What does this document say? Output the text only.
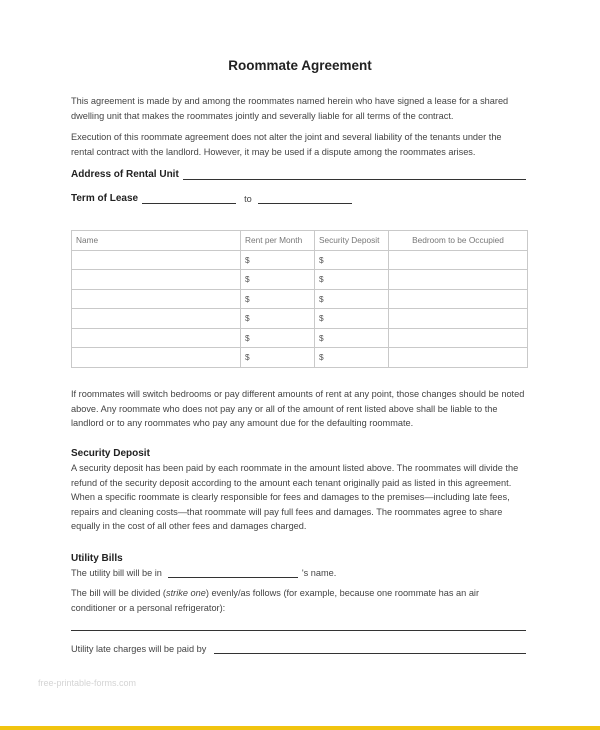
Roommate Agreement

This agreement is made by and among the roommates named herein who have signed a lease for a shared dwelling unit that makes the roommates jointly and severally liable for all terms of the contract.

Execution of this roommate agreement does not alter the joint and several liability of the tenants under the rental contract with the landlord. However, it may be used if a dispute among the roommates arises.

Address of Rental Unit
Term of Lease	to
Name	Rent per Month	Security Deposit	Bedroom to be Occupied
	$	$	
	$	$	
	$	$	
	$	$	
	$	$	
	$	$	

If roommates will switch bedrooms or pay different amounts of rent at any point, those changes should be noted above. Any roommate who does not pay any or all of the amount of rent listed above shall be liable to the landlord or to any roommates who pay any amount due for the defaulting roommate.

Security Deposit

A security deposit has been paid by each roommate in the amount listed above. The roommates will divide the refund of the security deposit according to the amount each tenant originally paid as listed in this agreement. When a specific roommate is clearly responsible for fees and damages to the premises—including late fees, repairs and cleaning costs—that roommate will pay full fees and damages. The roommates agree to share equally in the cost of all other fees and damages charged.

Utility Bills

The utility bill will be in	's name.

The bill will be divided (strike one) evenly/as follows (for example, because one roommate has an air conditioner or a personal refrigerator):

Utility late charges will be paid by
free-printable-forms.com
